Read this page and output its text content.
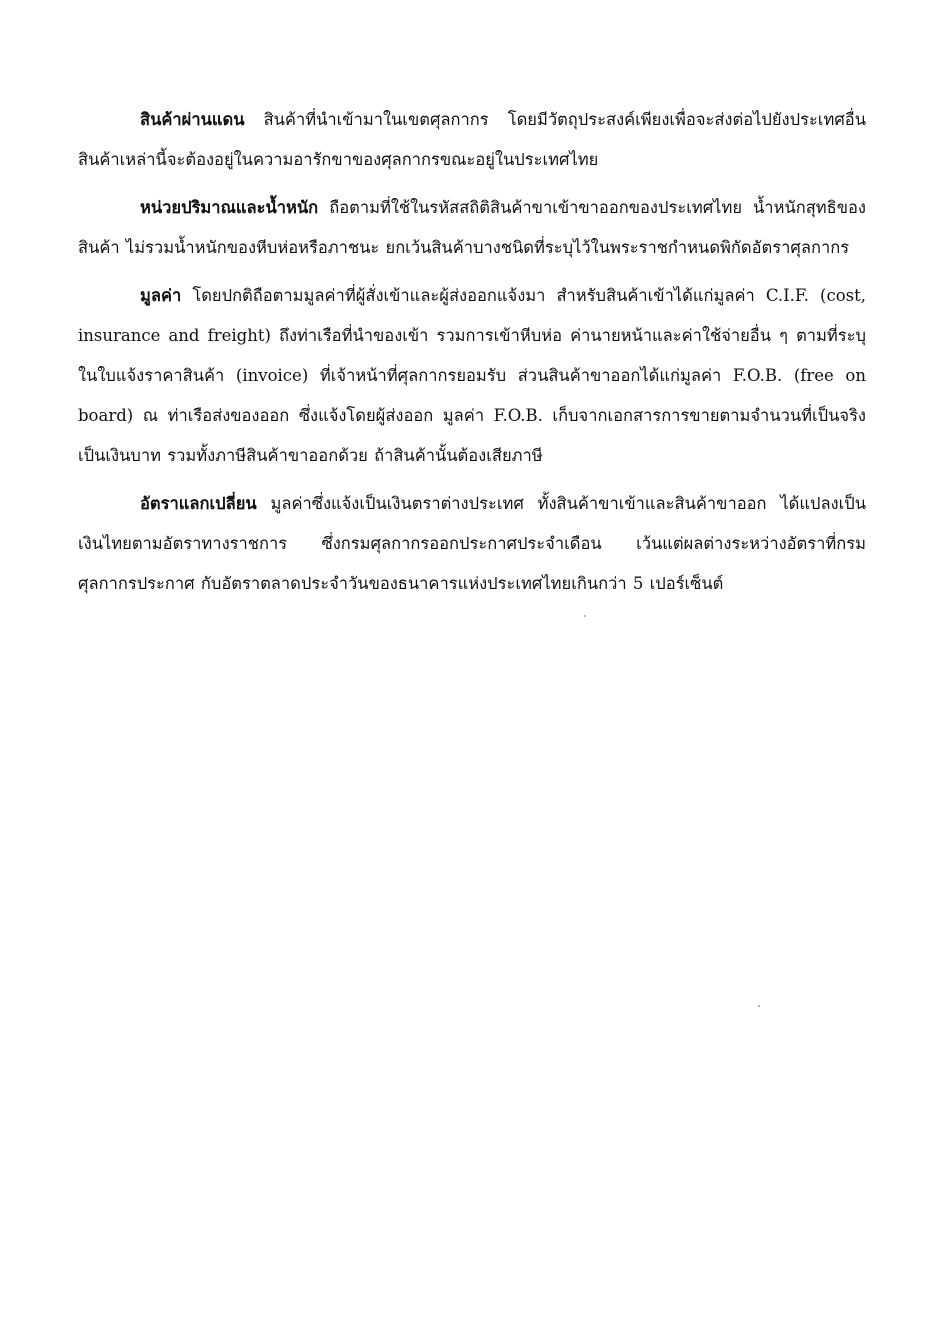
สินค้าผ่านแดน สินค้าที่นำเข้ามาในเขตศุลกากร โดยมีวัตถุประสงค์เพียงเพื่อจะส่งต่อไปยังประเทศอื่น สินค้าเหล่านี้จะต้องอยู่ในความอารักขาของศุลกากรขณะอยู่ในประเทศไทย

หน่วยปริมาณและน้ำหนัก ถือตามที่ใช้ในรหัสสถิติสินค้าขาเข้าขาออกของประเทศไทย น้ำหนักสุทธิของสินค้า ไม่รวมน้ำหนักของหีบห่อหรือภาชนะ ยกเว้นสินค้าบางชนิดที่ระบุไว้ในพระราชกำหนดพิกัดอัตราศุลกากร

มูลค่า โดยปกติถือตามมูลค่าที่ผู้สั่งเข้าและผู้ส่งออกแจ้งมา สำหรับสินค้าเข้าได้แก่มูลค่า C.I.F. (cost, insurance and freight) ถึงท่าเรือที่นำของเข้า รวมการเข้าหีบห่อ ค่านายหน้าและค่าใช้จ่ายอื่น ๆ ตามที่ระบุในใบแจ้งราคาสินค้า (invoice) ที่เจ้าหน้าที่ศุลกากรยอมรับ ส่วนสินค้าขาออกได้แก่มูลค่า F.O.B. (free on board) ณ ท่าเรือส่งของออก ซึ่งแจ้งโดยผู้ส่งออก มูลค่า F.O.B. เก็บจากเอกสารการขายตามจำนวนที่เป็นจริงเป็นเงินบาท รวมทั้งภาษีสินค้าขาออกด้วย ถ้าสินค้านั้นต้องเสียภาษี

อัตราแลกเปลี่ยน มูลค่าซึ่งแจ้งเป็นเงินตราต่างประเทศ ทั้งสินค้าขาเข้าและสินค้าขาออก ได้แปลงเป็นเงินไทยตามอัตราทางราชการ ซึ่งกรมศุลกากรออกประกาศประจำเดือน เว้นแต่ผลต่างระหว่างอัตราที่กรมศุลกากรประกาศ กับอัตราตลาดประจำวันของธนาคารแห่งประเทศไทยเกินกว่า 5 เปอร์เซ็นต์
